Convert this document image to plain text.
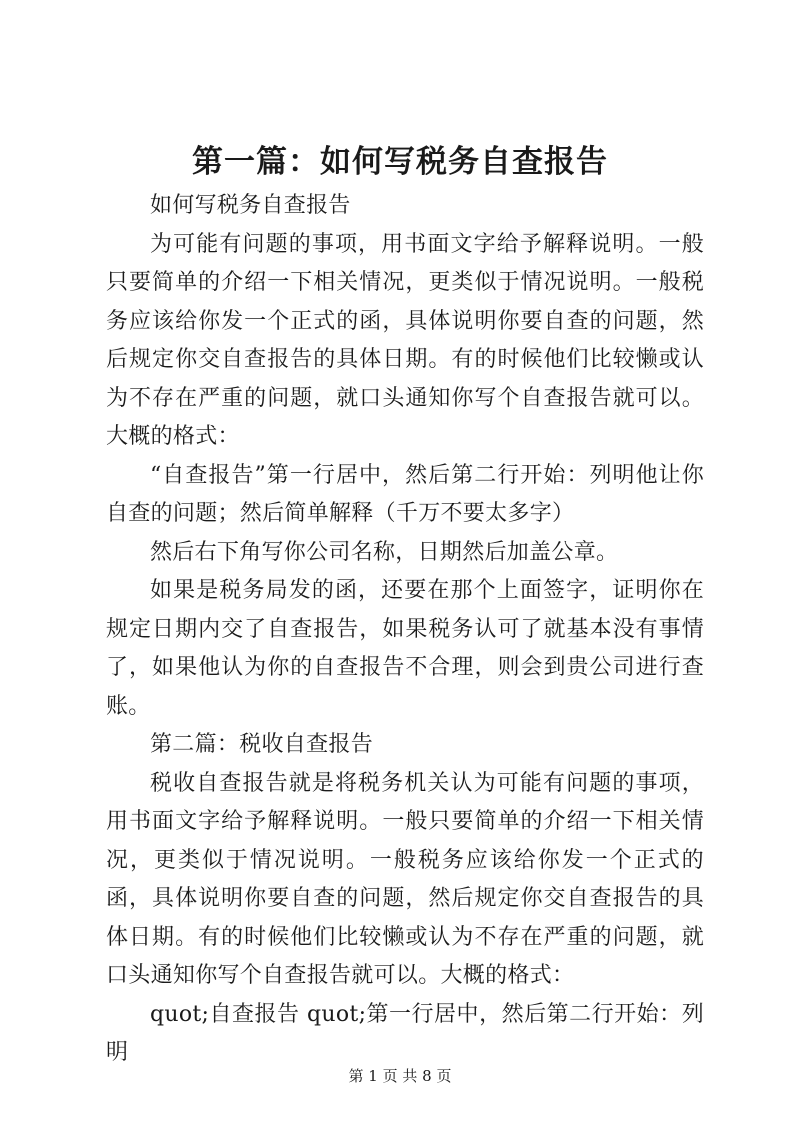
第一篇：如何写税务自查报告

如何写税务自查报告

为可能有问题的事项，用书面文字给予解释说明。一般只要简单的介绍一下相关情况，更类似于情况说明。一般税务应该给你发一个正式的函，具体说明你要自查的问题，然后规定你交自查报告的具体日期。有的时候他们比较懒或认为不存在严重的问题，就口头通知你写个自查报告就可以。大概的格式：

“自查报告”第一行居中，然后第二行开始：列明他让你自查的问题；然后简单解释（千万不要太多字）

然后右下角写你公司名称，日期然后加盖公章。

如果是税务局发的函，还要在那个上面签字，证明你在规定日期内交了自查报告，如果税务认可了就基本没有事情了，如果他认为你的自查报告不合理，则会到贵公司进行查账。

第二篇：税收自查报告

税收自查报告就是将税务机关认为可能有问题的事项，用书面文字给予解释说明。一般只要简单的介绍一下相关情况，更类似于情况说明。一般税务应该给你发一个正式的函，具体说明你要自查的问题，然后规定你交自查报告的具体日期。有的时候他们比较懒或认为不存在严重的问题，就口头通知你写个自查报告就可以。大概的格式：

quot;自查报告 quot;第一行居中，然后第二行开始：列明

第 1 页 共 8 页
